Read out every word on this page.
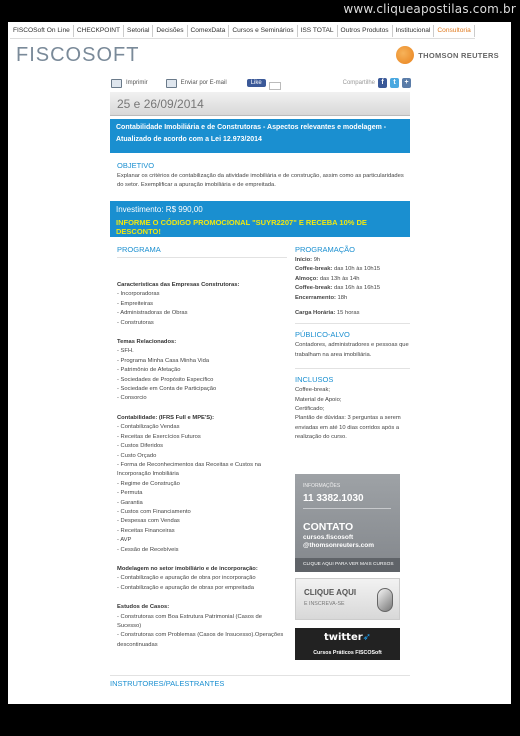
www.cliqueapostilas.com.br
FISCOSoft On Line	CHECKPOINT	Setorial	Decisões	ComexData	Cursos e Seminários	ISS TOTAL	Outros Produtos	Institucional	Consultoria
FISCOSOFT	THOMSON REUTERS
Imprimir	Enviar por E-mail	Like	Compartilhe f	t	+
25 e 26/09/2014
Contabilidade Imobiliária e de Construtoras - Aspectos relevantes e modelagem - Atualizado de acordo com a Lei 12.973/2014
OBJETIVO
Explanar os critérios de contabilização da atividade imobiliária e de construção, assim como as particularidades do setor. Exemplificar a apuração imobiliária e de empreitada.
Investimento: R$ 990,00
INFORME O CÓDIGO PROMOCIONAL "SUYR2207" E RECEBA 10% DE DESCONTO!
PROGRAMA
Características das Empresas Construtoras:
- Incorporadoras
- Empreiteiras
- Administradoras de Obras
- Construtoras
Temas Relacionados:
- SFH.
- Programa Minha Casa Minha Vida
- Patrimônio de Afetação
- Sociedades de Propósito Específico
- Sociedade em Conta de Participação
- Consorcio
Contabilidade: (IFRS Full e MPE'S):
- Contabilização Vendas
- Receitas de Exercícios Futuros
- Custos Diferidos
- Custo Orçado
- Forma de Reconhecimentos das Receitas e Custos na Incorporação Imobiliária
- Regime de Construção
- Permuta
- Garantia
- Custos com Financiamento
- Despesas com Vendas
- Receitas Financeiras
- AVP
- Cessão de Recebíveis
Modelagem no setor imobiliário e de incorporação:
- Contabilização e apuração de obra por incorporação
- Contabilização e apuração de obras por empreitada
Estudos de Casos:
- Construtoras com Boa Estrutura Patrimonial (Casos de Sucesso)
- Construtoras com Problemas (Casos de Insucesso).Operações descontinuadas
PROGRAMAÇÃO
Início: 9h
Coffee-break: das 10h às 10h15
Almoço: das 13h às 14h
Coffee-break: das 16h às 16h15
Encerramento: 18h
Carga Horária: 15 horas
PÚBLICO-ALVO
Contadores, administradores e pessoas que trabalham na area imobiliária.
INCLUSOS
Coffee-break;
Material de Apoio;
Certificado;
Plantão de dúvidas: 3 perguntas a serem enviadas em até 10 dias corridos após a realização do curso.
INFORMAÇÕES
11 3382.1030
CONTATO
cursos.fiscosoft
@thomsonreuters.com
CLIQUE AQUI PARA VER MAIS CURSOS
CLIQUE AQUI
E INSCREVA-SE
twitter➶
Cursos Práticos FISCOSoft
INSTRUTORES/PALESTRANTES
